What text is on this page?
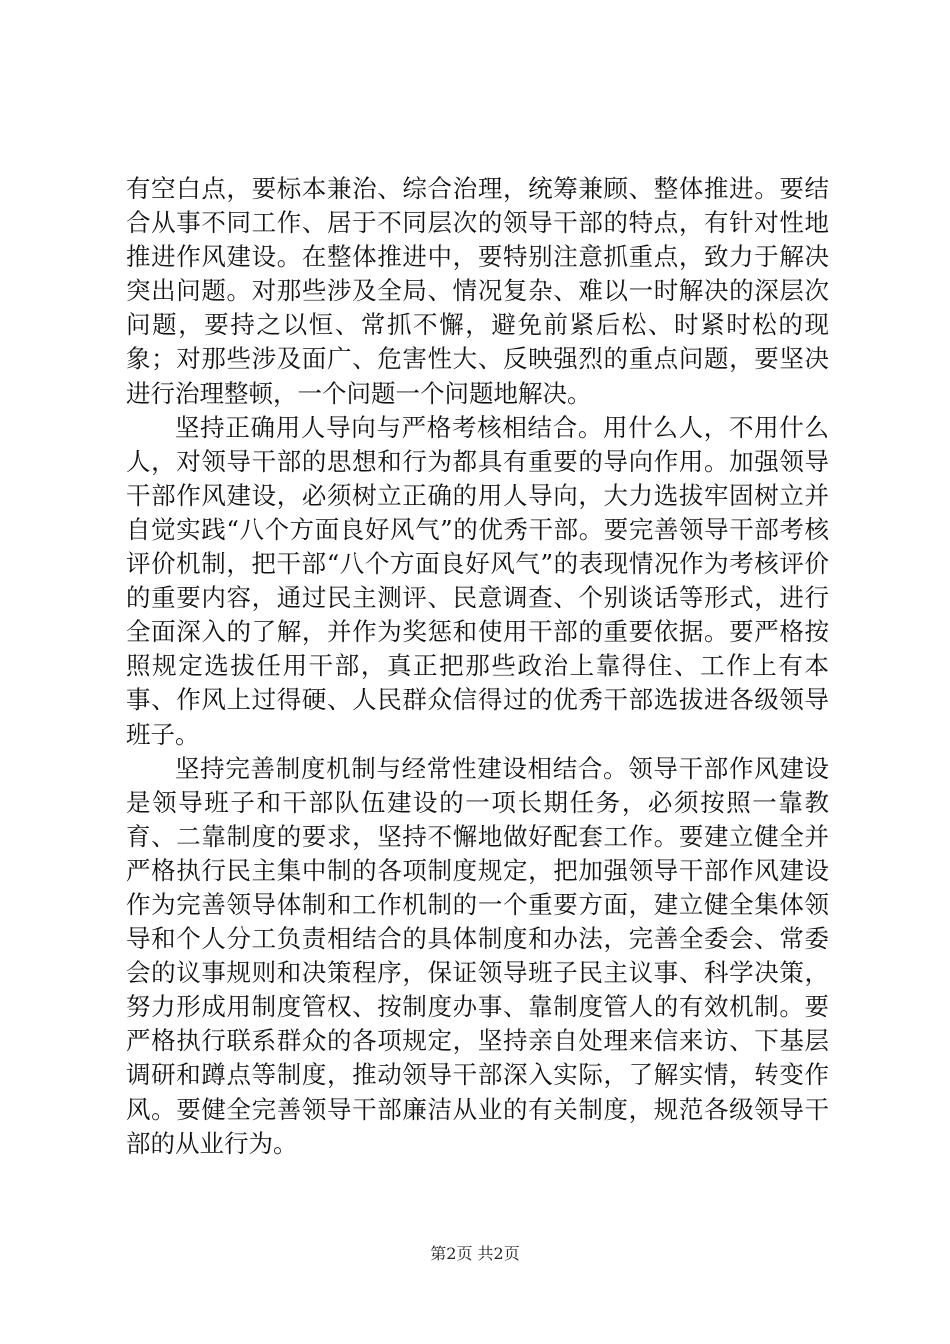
有空白点，要标本兼治、综合治理，统筹兼顾、整体推进。要结合从事不同工作、居于不同层次的领导干部的特点，有针对性地推进作风建设。在整体推进中，要特别注意抓重点，致力于解决突出问题。对那些涉及全局、情况复杂、难以一时解决的深层次问题，要持之以恒、常抓不懈，避免前紧后松、时紧时松的现象；对那些涉及面广、危害性大、反映强烈的重点问题，要坚决进行治理整顿，一个问题一个问题地解决。

坚持正确用人导向与严格考核相结合。用什么人，不用什么人，对领导干部的思想和行为都具有重要的导向作用。加强领导干部作风建设，必须树立正确的用人导向，大力选拔牢固树立并自觉实践“八个方面良好风气”的优秀干部。要完善领导干部考核评价机制，把干部“八个方面良好风气”的表现情况作为考核评价的重要内容，通过民主测评、民意调查、个别谈话等形式，进行全面深入的了解，并作为奖惩和使用干部的重要依据。要严格按照规定选拔任用干部，真正把那些政治上靠得住、工作上有本事、作风上过得硬、人民群众信得过的优秀干部选拔进各级领导班子。

坚持完善制度机制与经常性建设相结合。领导干部作风建设是领导班子和干部队伍建设的一项长期任务，必须按照一靠教育、二靠制度的要求，坚持不懈地做好配套工作。要建立健全并严格执行民主集中制的各项制度规定，把加强领导干部作风建设作为完善领导体制和工作机制的一个重要方面，建立健全集体领导和个人分工负责相结合的具体制度和办法，完善全委会、常委会的议事规则和决策程序，保证领导班子民主议事、科学决策，努力形成用制度管权、按制度办事、靠制度管人的有效机制。要严格执行联系群众的各项规定，坚持亲自处理来信来访、下基层调研和蹲点等制度，推动领导干部深入实际，了解实情，转变作风。要健全完善领导干部廉洁从业的有关制度，规范各级领导干部的从业行为。

第2页 共2页
